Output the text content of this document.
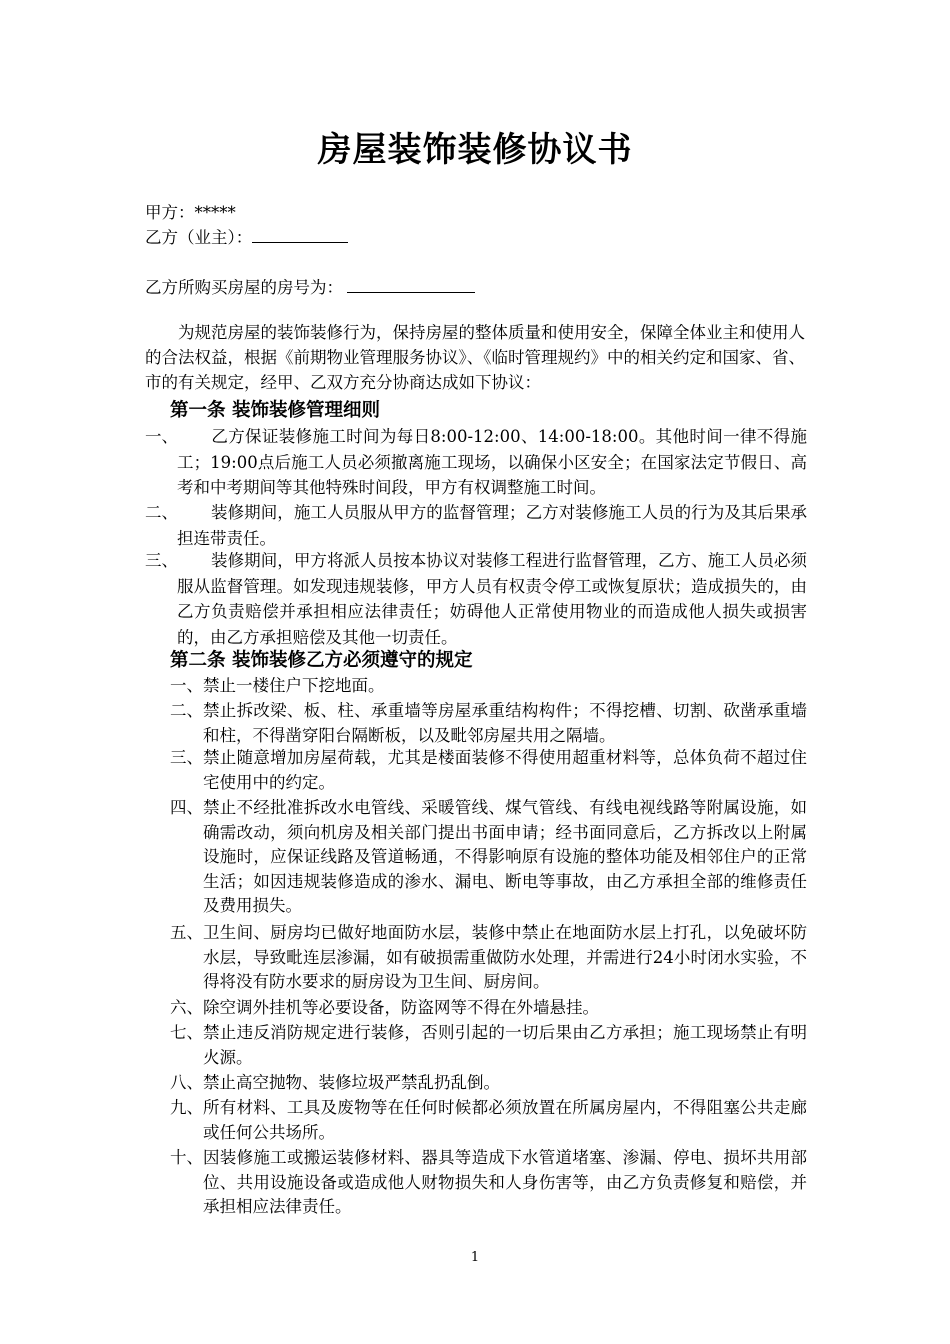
房屋装饰装修协议书
甲方：*****
乙方（业主）：
乙方所购买房屋的房号为：

为规范房屋的装饰装修行为，保持房屋的整体质量和使用安全，保障全体业主和使用人的合法权益，根据《前期物业管理服务协议》、《临时管理规约》中的相关约定和国家、省、市的有关规定，经甲、乙双方充分协商达成如下协议：

第一条 装饰装修管理细则
一、	乙方保证装修施工时间为每日8:00-12:00、14:00-18:00。其他时间一律不得施工；19:00点后施工人员必须撤离施工现场，以确保小区安全；在国家法定节假日、高考和中考期间等其他特殊时间段，甲方有权调整施工时间。
二、	装修期间，施工人员服从甲方的监督管理；乙方对装修施工人员的行为及其后果承担连带责任。
三、	装修期间，甲方将派人员按本协议对装修工程进行监督管理，乙方、施工人员必须服从监督管理。如发现违规装修，甲方人员有权责令停工或恢复原状；造成损失的，由乙方负责赔偿并承担相应法律责任；妨碍他人正常使用物业的而造成他人损失或损害的，由乙方承担赔偿及其他一切责任。
第二条 装饰装修乙方必须遵守的规定
一、 禁止一楼住户下挖地面。
二、 禁止拆改梁、板、柱、承重墙等房屋承重结构构件；不得挖槽、切割、砍凿承重墙和柱，不得凿穿阳台隔断板，以及毗邻房屋共用之隔墙。
三、 禁止随意增加房屋荷载，尤其是楼面装修不得使用超重材料等，总体负荷不超过住宅使用中的约定。
四、 禁止不经批准拆改水电管线、采暖管线、煤气管线、有线电视线路等附属设施，如确需改动，须向机房及相关部门提出书面申请；经书面同意后，乙方拆改以上附属设施时，应保证线路及管道畅通，不得影响原有设施的整体功能及相邻住户的正常生活；如因违规装修造成的渗水、漏电、断电等事故，由乙方承担全部的维修责任及费用损失。
五、 卫生间、厨房均已做好地面防水层，装修中禁止在地面防水层上打孔，以免破坏防水层，导致毗连层渗漏，如有破损需重做防水处理，并需进行24小时闭水实验，不得将没有防水要求的厨房设为卫生间、厨房间。
六、 除空调外挂机等必要设备，防盗网等不得在外墙悬挂。
七、 禁止违反消防规定进行装修，否则引起的一切后果由乙方承担；施工现场禁止有明火源。
八、 禁止高空抛物、装修垃圾严禁乱扔乱倒。
九、 所有材料、工具及废物等在任何时候都必须放置在所属房屋内，不得阻塞公共走廊或任何公共场所。
十、 因装修施工或搬运装修材料、器具等造成下水管道堵塞、渗漏、停电、损坏共用部位、共用设施设备或造成他人财物损失和人身伤害等，由乙方负责修复和赔偿，并承担相应法律责任。
1
